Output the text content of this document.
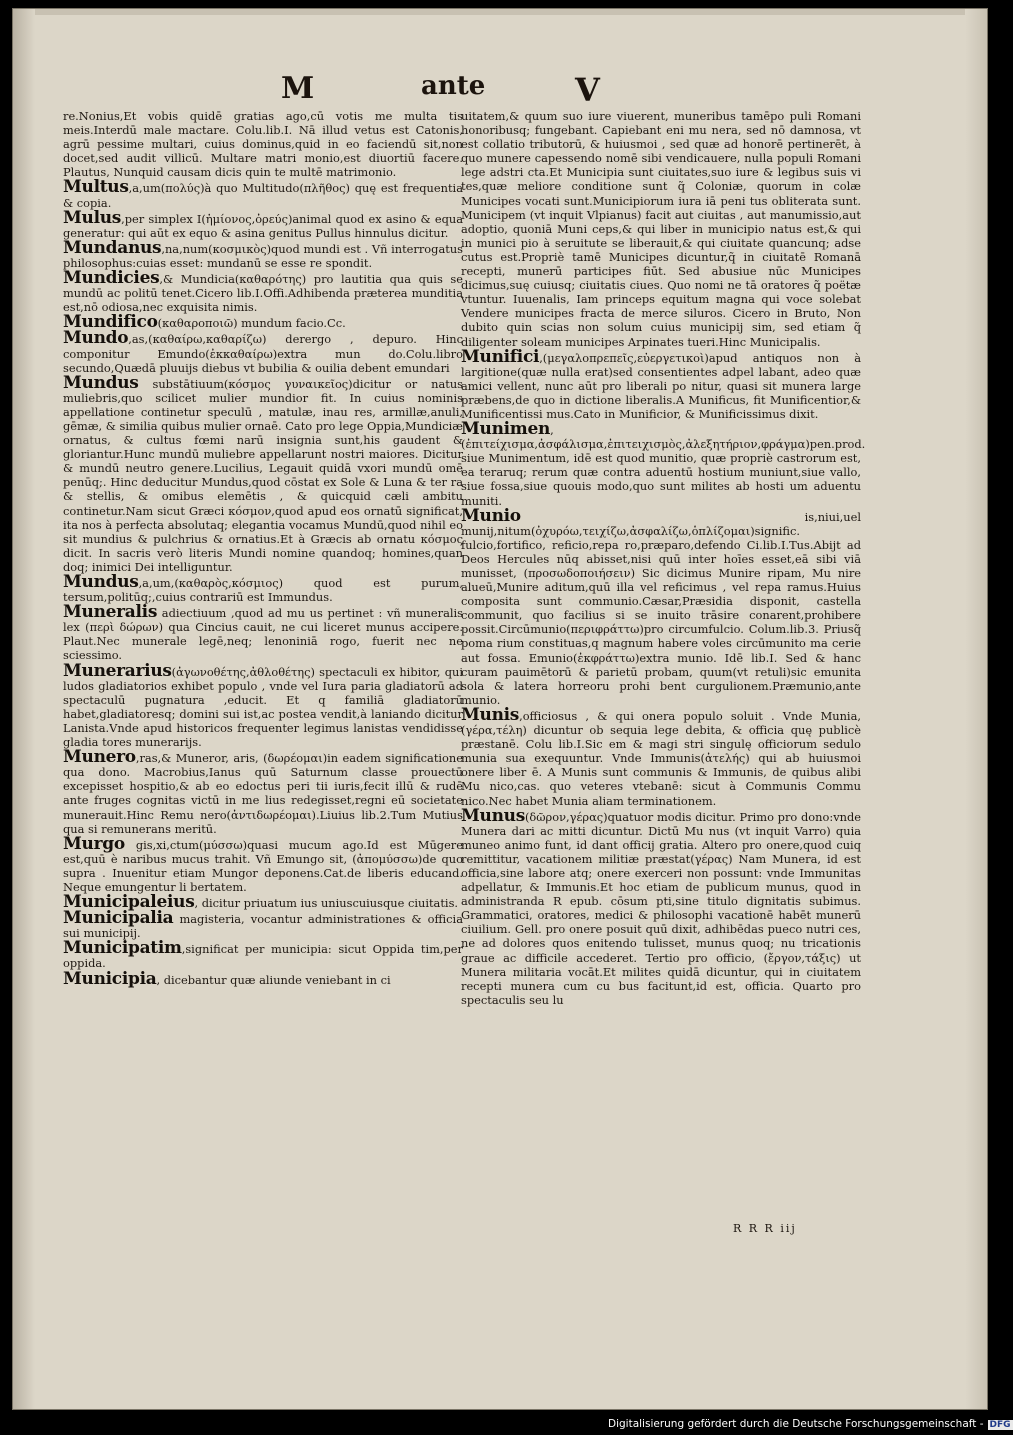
M	ante	V
re.Nonius,Et vobis quidē gratias ago,cū votis me multa tis meis.Interdū male mactare. Colu.lib.I. Nā illud vetus est Catonis, agrū pessime multari, cuius dominus,quid in eo faciendū sit,non docet,sed audit villicū. Multare matri monio,est diuortiū facere. Plautus, Nunquid causam dicis quin te multē matrimonio.
Multus,a,um(πολύς)à quo Multitudo(πλῆθος) quę est frequentia & copia.
Mulus,per simplex I(ἡμίονος,ὀρεύς)animal quod ex asino & equa generatur: qui aūt ex equo & asina genitus Pullus hinnulus dicitur.
Mundanus,na,num(κοσμικὸς)quod mundi est . Vñ interrogatus philosophus:cuias esset: mundanū se esse re spondit.
Mundicies,& Mundicia(καθαρότης) pro lautitia qua quis se mundū ac politū tenet.Cicero lib.I.Offi.Adhibenda præterea munditia est,nō odiosa,nec exquisita nimis.
Mundifico(καθαροποιῶ) mundum facio.Cc.
Mundo,as,(καθαίρω,καθαρίζω) derergo , depuro. Hinc componitur Emundo(ἐκκαθαίρω)extra mun do.Colu.libro secundo,Quædā pluuijs diebus vt bubilia & ouilia debent emundari
Mundus substātiuum(κόσμος γυναικεῖος)dicitur or natus muliebris,quo scilicet mulier mundior fit. In cuius nominis appellatione continetur speculū , matulæ, inau res, armillæ,anuli, gēmæ, & similia quibus mulier ornaē. Cato pro lege Oppia,Mundiciæ ornatus, & cultus fœmi narū insignia sunt,his gaudent & gloriantur.Hunc mundū muliebre appellarunt nostri maiores. Dicitur & mundū neutro genere.Lucilius, Legauit quidā vxori mundū omē penūq;. Hinc deducitur Mundus,quod cōstat ex Sole & Luna & ter ra & stellis, & omibus elemētis , & quicquid cæli ambitu continetur.Nam sicut Græci κόσμον,quod apud eos ornatū significat, ita nos à perfecta absolutaq; elegantia vocamus Mundū,quod nihil eo sit mundius & pulchrius & ornatius.Et à Græcis ab ornatu κόσμος dicit. In sacris verò literis Mundi nomine quandoq; homines,quan doq; inimici Dei intelliguntur.
Mundus,a,um,(καθαρὸς,κόσμιος) quod est purum, tersum,politūq;,cuius contrariū est Immundus.
Muneralis adiectiuum ,quod ad mu us pertinet : vñ muneralis lex (περὶ δώρων) qua Cincius cauit, ne cui liceret munus accipere. Plaut.Nec munerale legē,neq; lenoniniā rogo, fuerit nec ne sciessimo.
Munerarius(ἀγωνοθέτης,ἀθλοθέτης) spectaculi ex hibitor, qui ludos gladiatorios exhibet populo , vnde vel Iura paria gladiatorū ad spectaculū pugnatura ,educit. Et q familiā gladiatorū habet,gladiatoresq; domini sui ist,ac postea vendit,à laniando dicitur Lanista.Vnde apud historicos frequenter legimus lanistas vendidisse gladia tores munerarijs.
Munero,ras,& Muneror, aris, (δωρέομαι)in eadem significatione qua dono. Macrobius,Ianus quū Saturnum classe prouectū excepisset hospitio,& ab eo edoctus peri tii iuris,fecit illū & rudē ante fruges cognitas victū in me lius redegisset,regni eū societate munerauit.Hinc Remu nero(ἀντιδωρέομαι).Liuius lib.2.Tum Mutius qua si remunerans meritū.
Murgo gis,xi,ctum(μύσσω)quasi mucum ago.Id est Mūgere est,quū è naribus mucus trahit. Vñ Emungo sit, (ἀπομύσσω)de quo supra . Inuenitur etiam Mungor deponens.Cat.de liberis educand. Neque emungentur li bertatem.
Municipaleius, dicitur priuatum ius uniuscuiusque ciuitatis.
Municipalia magisteria, vocantur administrationes & officia sui municipij.
Municipatim,significat per municipia: sicut Oppida tim,per oppida.
Municipia, dicebantur quæ aliunde veniebant in ci
uitatem,& quum suo iure viuerent, muneribus tamēpo puli Romani honoribusq; fungebant. Capiebant eni mu nera, sed nō damnosa, vt est collatio tributorū, & huiusmoi , sed quæ ad honorē pertinerēt, à quo munere capessendo nomē sibi vendicauere, nulla populi Romani lege adstri cta.Et Municipia sunt ciuitates,suo iure & legibus suis vi tes,quæ meliore conditione sunt q̃ Coloniæ, quorum in colæ Municipes vocati sunt.Municipiorum iura iā peni tus obliterata sunt. Municipem (vt inquit Vlpianus) facit aut ciuitas , aut manumissio,aut adoptio, quoniā Muni ceps,& qui liber in municipio natus est,& qui in munici pio à seruitute se liberauit,& qui ciuitate quancunq; adse cutus est.Propriè tamē Municipes dicuntur,q̃ in ciuitatē Romanā recepti, munerū participes fiūt. Sed abusiue nūc Municipes dicimus,suę cuiusq; ciuitatis ciues. Quo nomi ne tā oratores q̃ poëtæ vtuntur. Iuuenalis, Iam princeps equitum magna qui voce solebat Vendere municipes fracta de merce siluros. Cicero in Bruto, Non dubito quin scias non solum cuius municipij sim, sed etiam q̃ diligenter soleam municipes Arpinates tueri.Hinc Municipalis.
Munifici,(μεγαλοπρεπεῖς,εὐεργετικοὶ)apud antiquos non à largitione(quæ nulla erat)sed consentientes adpel labant, adeo quæ amici vellent, nunc aūt pro liberali po nitur, quasi sit munera large præbens,de quo in dictione liberalis.A Munificus, fit Munificentior,& Munificentissi mus.Cato in Munificior, & Munificissimus dixit.
Munimen,(ἐπιτείχισμα,ἀσφάλισμα,ἐπιτειχισμὸς,ἀλεξητήριον,φράγμα)pen.prod. siue Munimentum, idē est quod munitio, quæ propriè castrorum est, ea teraruq; rerum quæ contra aduentū hostium muniunt,siue vallo, siue fossa,siue quouis modo,quo sunt milites ab hosti um aduentu muniti.
Munio is,niui,uel munij,nitum(ὀχυρόω,τειχίζω,ἀσφαλίζω,ὁπλίζομαι)signific. fulcio,fortifico, reficio,repa ro,præparo,defendo Ci.lib.I.Tus.Abijt ad Deos Hercules nūq abisset,nisi quū inter hoīes esset,eā sibi viā munisset, (προσωδοποιήσειν) Sic dicimus Munire ripam, Mu nire alueū,Munire aditum,quū illa vel reficimus , vel repa ramus.Huius composita sunt communio.Cæsar,Præsidia disponit, castella communit, quo facilius si se inuito trāsire conarent,prohibere possit.Circūmunio(περιφράττω)pro circumfulcio. Colum.lib.3. Priusq̃ poma rium constituas,q magnum habere voles circūmunito ma cerie aut fossa. Emunio(ἐκφράττω)extra munio. Idē lib.I. Sed & hanc curam pauimētorū & parietū probam, quum(vt retuli)sic emunita sola & latera horreoru prohi bent curgulionem.Præmunio,ante munio.
Munis,officiosus , & qui onera populo soluit . Vnde Munia,(γέρα,τέλη) dicuntur ob sequia lege debita, & officia quę publicè præstanē. Colu lib.I.Sic em & magi stri singulę officiorum sedulo munia sua exequuntur. Vnde Immunis(ἀτελής) qui ab huiusmoi onere liber ē. A Munis sunt communis & Immunis, de quibus alibi Mu nico,cas. quo veteres vtebanē: sicut à Communis Commu nico.Nec habet Munia aliam terminationem.
Munus(δῶρον,γέρας)quatuor modis dicitur. Primo pro dono:vnde Munera dari ac mitti dicuntur. Dictū Mu nus (vt inquit Varro) quia muneo animo funt, id dant officij gratia. Altero pro onere,quod cuiq remittitur, vacationem militiæ præstat(γέρας) Nam Munera, id est officia,sine labore atq; onere exerceri non possunt: vnde Immunitas adpellatur, & Immunis.Et hoc etiam de publicum munus, quod in administranda R epub. cōsum pti,sine titulo dignitatis subimus. Grammatici, oratores, medici & philosophi vacationē habēt munerū ciuilium. Gell. pro onere posuit quū dixit, adhibēdas pueco nutri ces, ne ad dolores quos enitendo tulisset, munus quoq; nu tricationis graue ac difficile accederet. Tertio pro officio, (ἔργον,τάξις) ut Munera militaria vocāt.Et milites quidā dicuntur, qui in ciuitatem recepti munera cum cu bus facitunt,id est, officia. Quarto pro spectaculis seu lu
R R R iij
Digitalisierung gefördert durch die Deutsche Forschungsgemeinschaft - DFG
